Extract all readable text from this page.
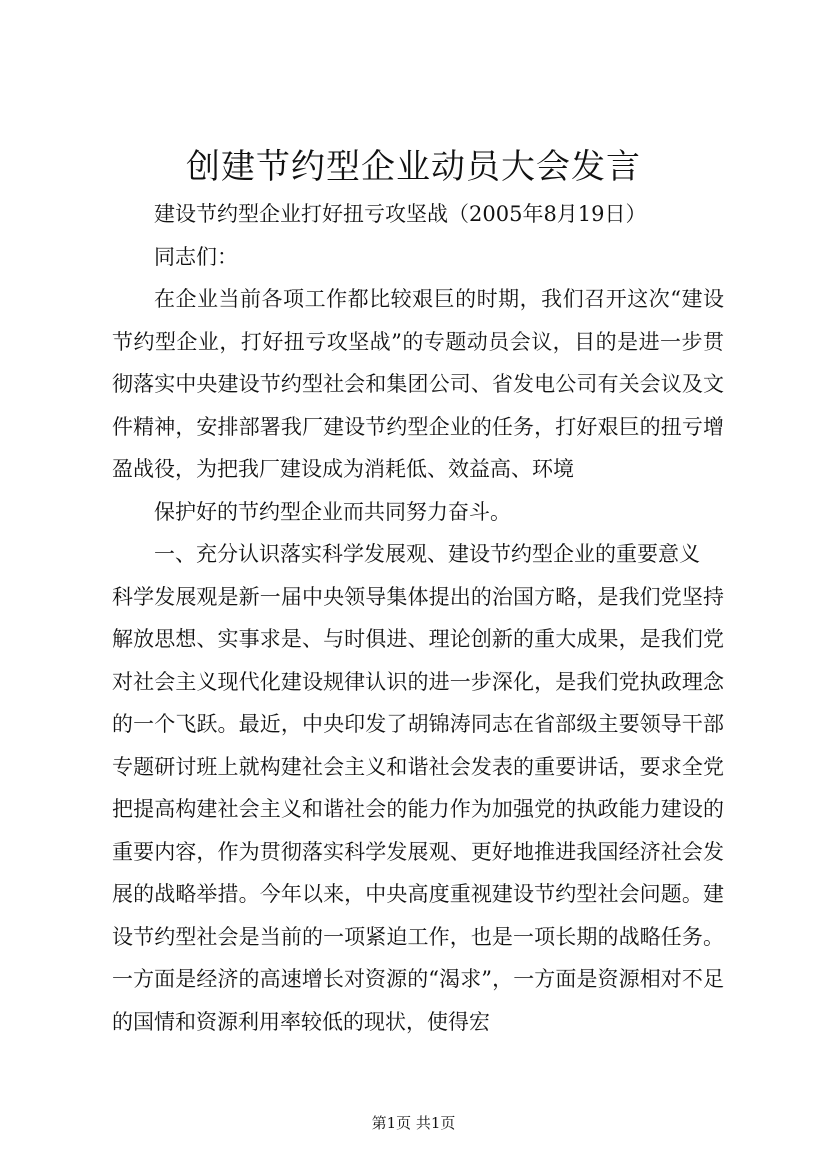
创建节约型企业动员大会发言

建设节约型企业打好扭亏攻坚战（2005年8月19日）

同志们：

在企业当前各项工作都比较艰巨的时期，我们召开这次“建设节约型企业，打好扭亏攻坚战”的专题动员会议，目的是进一步贯彻落实中央建设节约型社会和集团公司、省发电公司有关会议及文件精神，安排部署我厂建设节约型企业的任务，打好艰巨的扭亏增盈战役，为把我厂建设成为消耗低、效益高、环境

保护好的节约型企业而共同努力奋斗。

一、充分认识落实科学发展观、建设节约型企业的重要意义

科学发展观是新一届中央领导集体提出的治国方略，是我们党坚持解放思想、实事求是、与时俱进、理论创新的重大成果，是我们党对社会主义现代化建设规律认识的进一步深化，是我们党执政理念的一个飞跃。最近，中央印发了胡锦涛同志在省部级主要领导干部专题研讨班上就构建社会主义和谐社会发表的重要讲话，要求全党把提高构建社会主义和谐社会的能力作为加强党的执政能力建设的重要内容，作为贯彻落实科学发展观、更好地推进我国经济社会发展的战略举措。今年以来，中央高度重视建设节约型社会问题。建设节约型社会是当前的一项紧迫工作，也是一项长期的战略任务。一方面是经济的高速增长对资源的“渴求”，一方面是资源相对不足的国情和资源利用率较低的现状，使得宏

第1页 共1页
